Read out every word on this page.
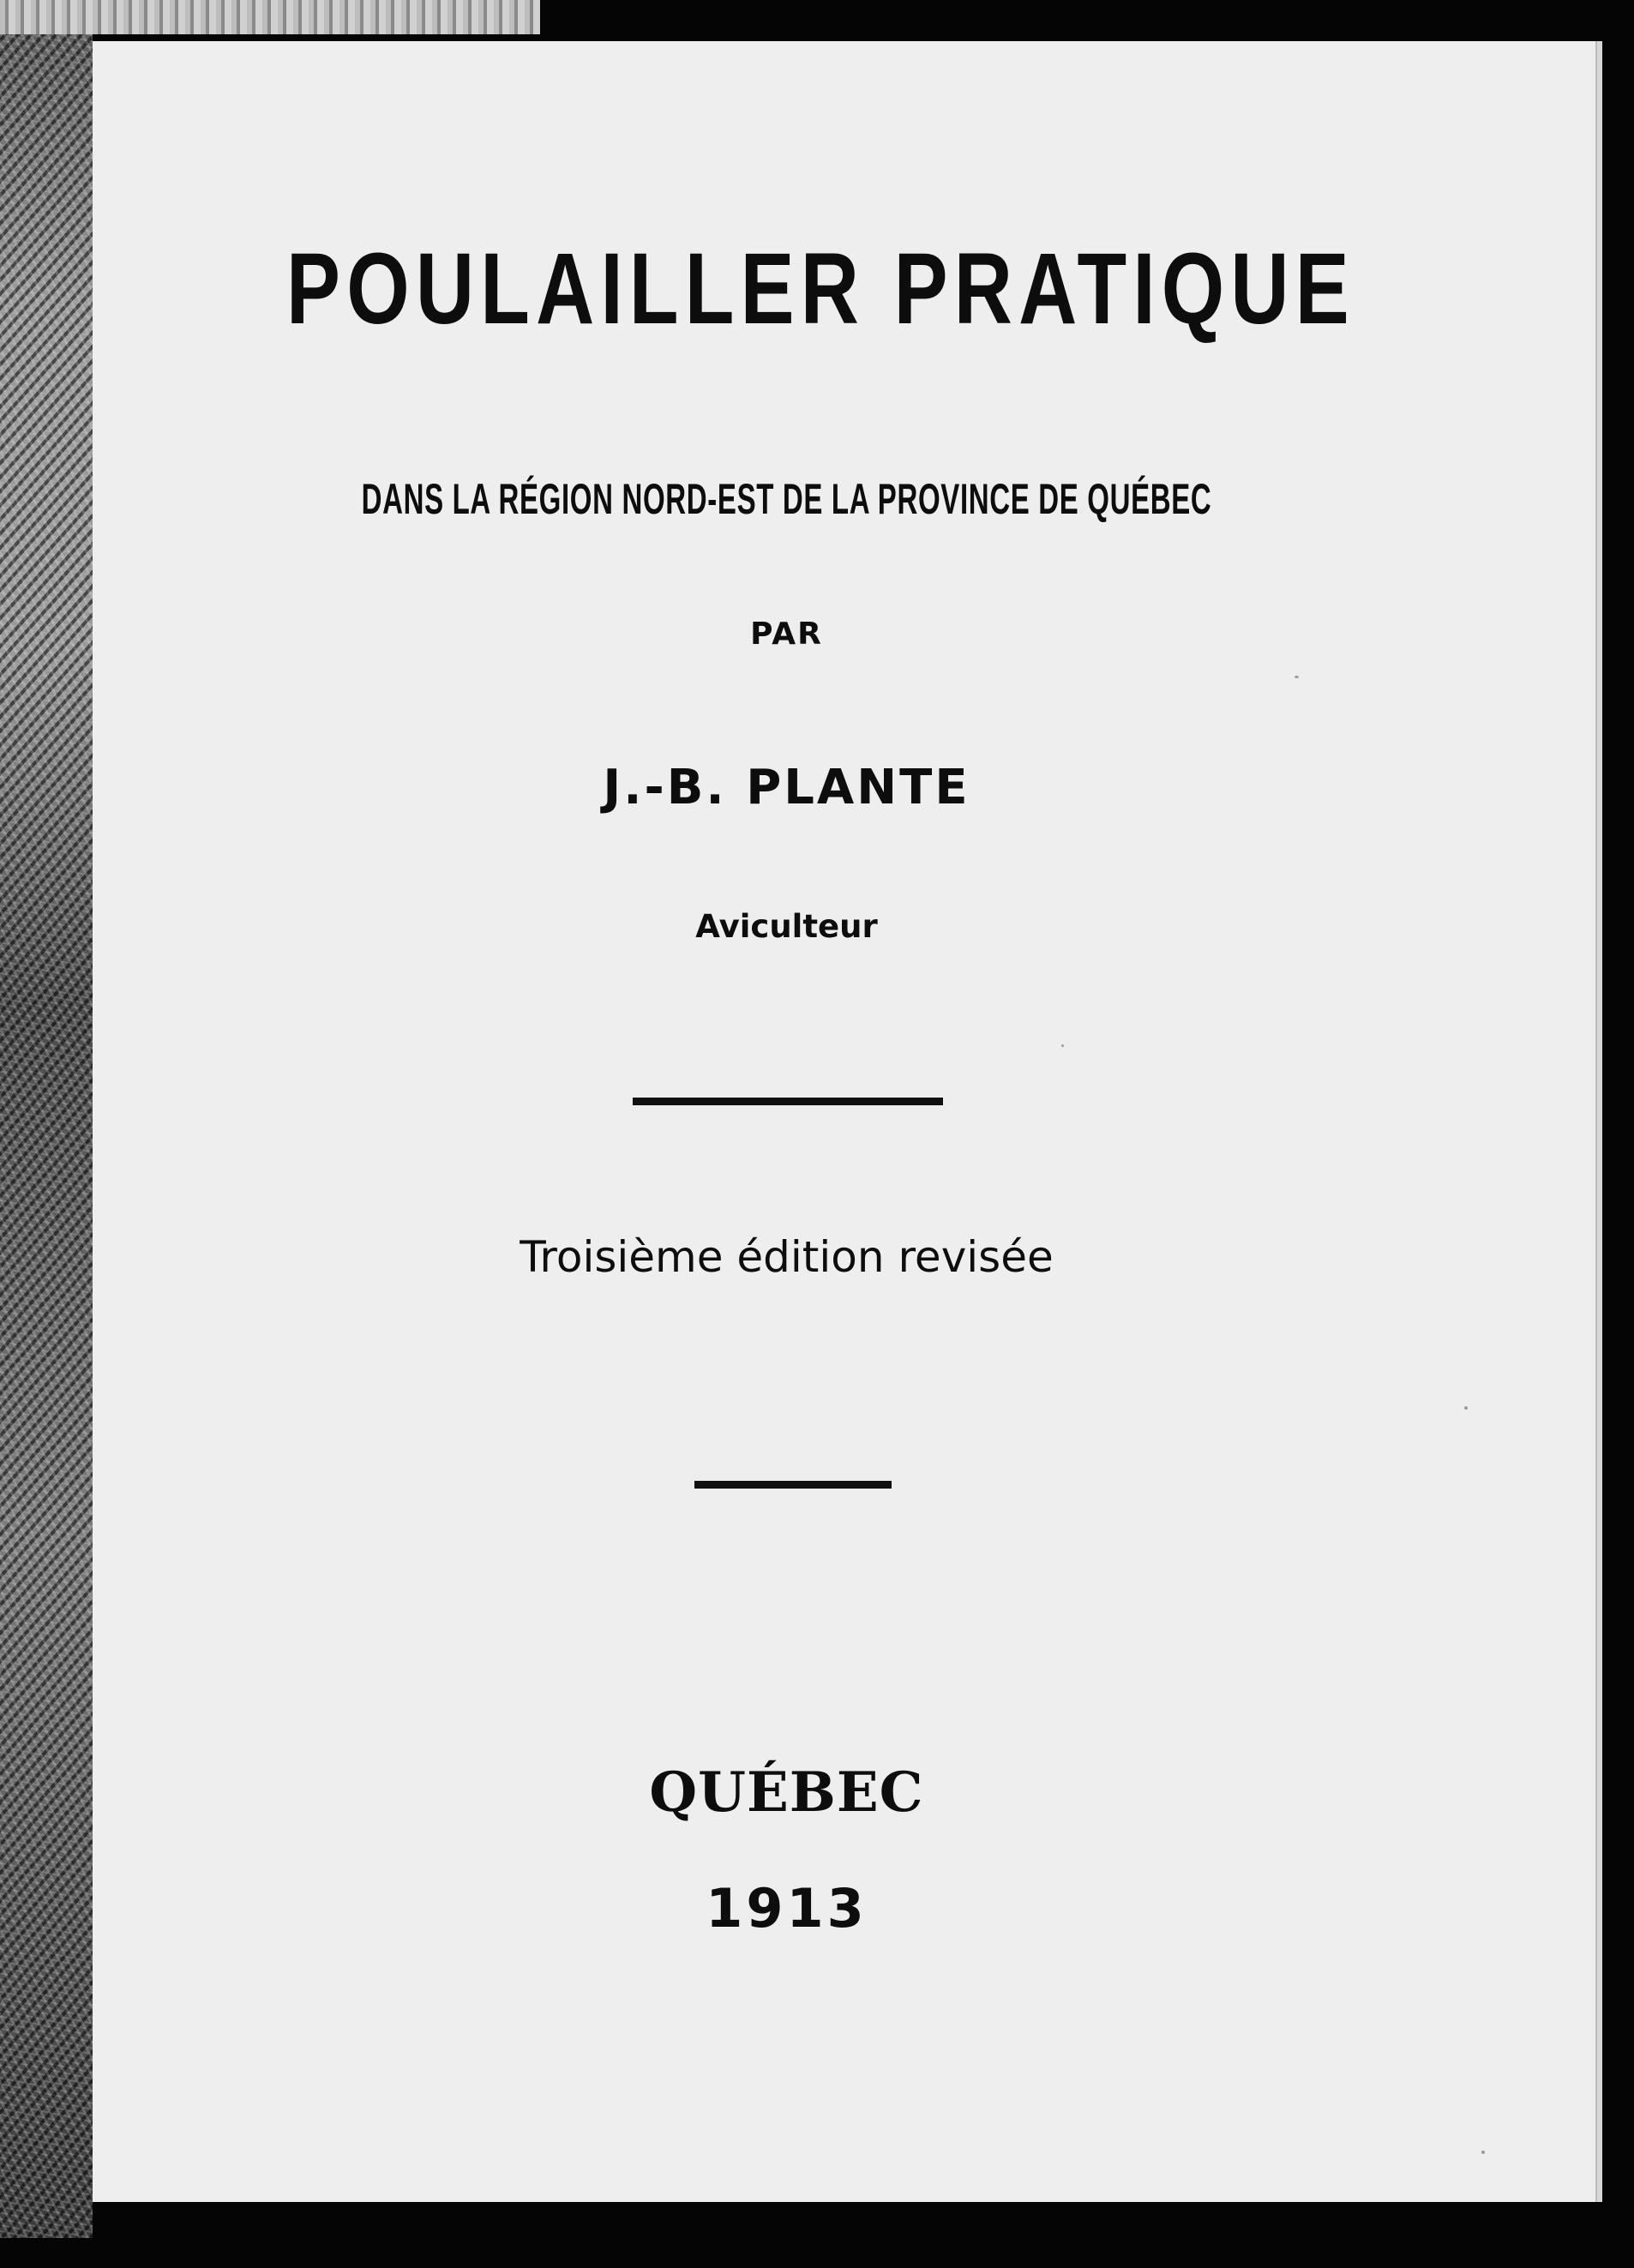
POULAILLER PRATIQUE
DANS LA RÉGION NORD-EST DE LA PROVINCE DE QUÉBEC
PAR
J.-B. PLANTE
Aviculteur
Troisième édition revisée
QUÉBEC
1913
